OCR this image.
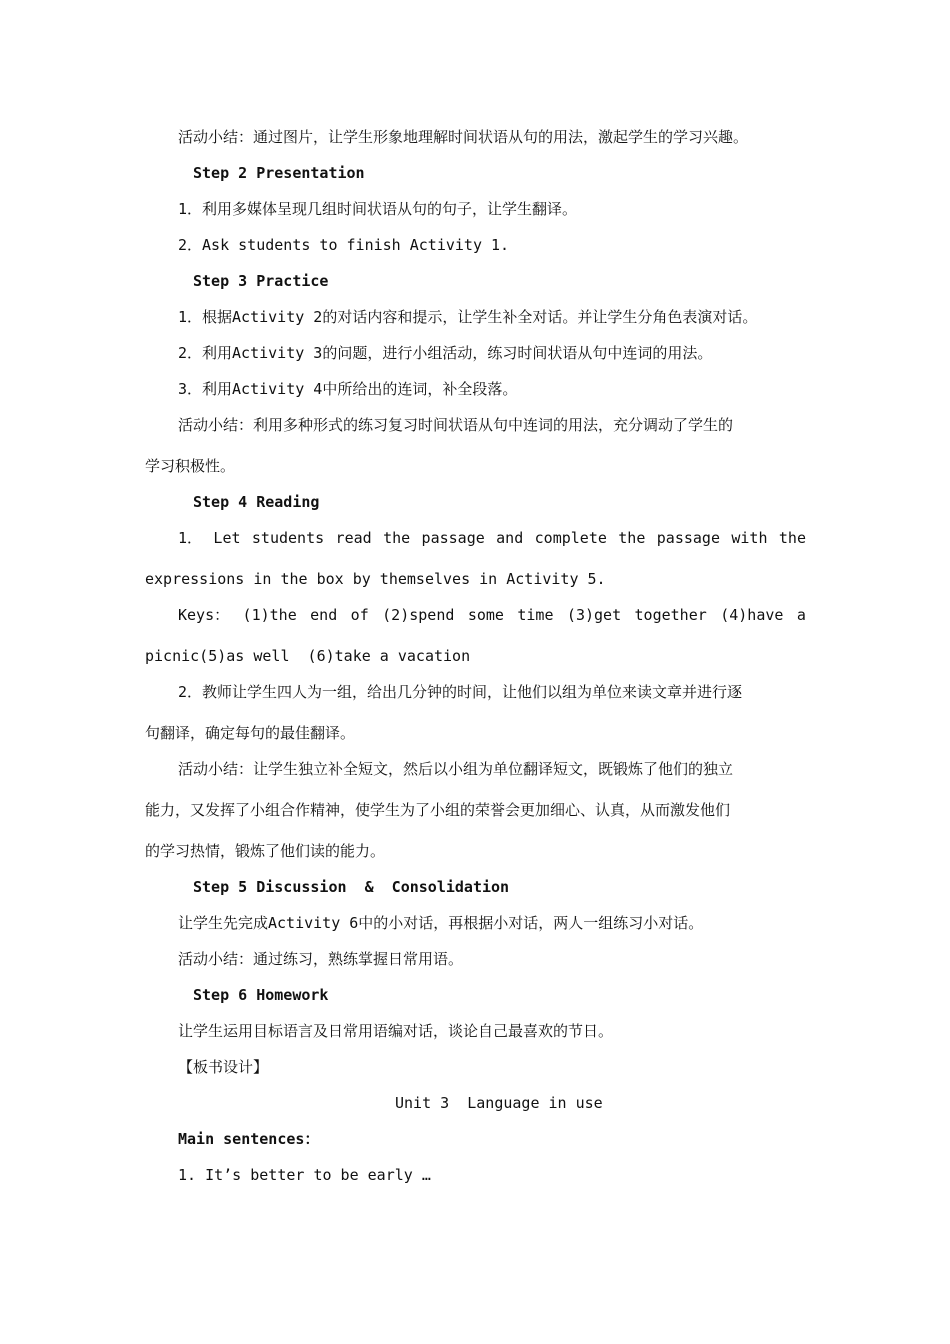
活动小结：通过图片，让学生形象地理解时间状语从句的用法，激起学生的学习兴趣。
Step 2 Presentation
1．利用多媒体呈现几组时间状语从句的句子，让学生翻译。
2．Ask students to finish Activity 1.
Step 3 Practice
1．根据Activity 2的对话内容和提示，让学生补全对话。并让学生分角色表演对话。
2．利用Activity 3的问题，进行小组活动，练习时间状语从句中连词的用法。
3．利用Activity 4中所给出的连词，补全段落。
活动小结：利用多种形式的练习复习时间状语从句中连词的用法，充分调动了学生的
学习积极性。
Step 4 Reading
1． Let students read the passage and complete the passage with the
expressions in the box by themselves in Activity 5.
Keys： (1)the end of (2)spend some time (3)get together (4)have a
picnic(5)as well  (6)take a vacation
2．教师让学生四人为一组，给出几分钟的时间，让他们以组为单位来读文章并进行逐
句翻译，确定每句的最佳翻译。
活动小结：让学生独立补全短文，然后以小组为单位翻译短文，既锻炼了他们的独立
能力，又发挥了小组合作精神，使学生为了小组的荣誉会更加细心、认真，从而激发他们
的学习热情，锻炼了他们读的能力。
Step 5 Discussion  &  Consolidation
让学生先完成Activity 6中的小对话，再根据小对话，两人一组练习小对话。
活动小结：通过练习，熟练掌握日常用语。
Step 6 Homework
让学生运用目标语言及日常用语编对话，谈论自己最喜欢的节日。
【板书设计】
Unit 3  Language in use
Main sentences：
1. It’s better to be early …
